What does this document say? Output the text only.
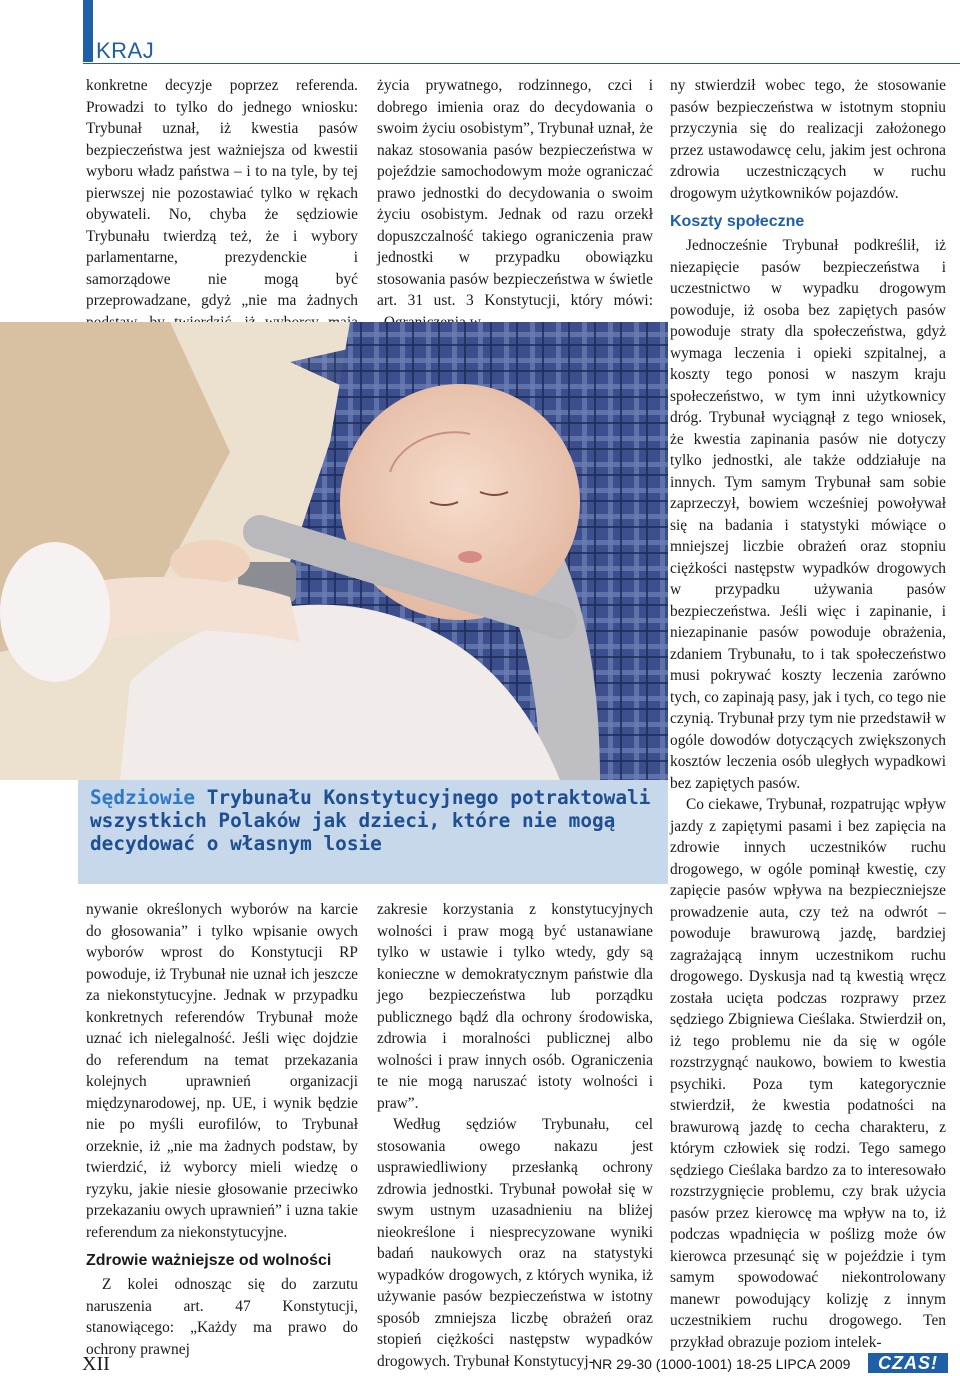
KRAJ

konkretne decyzje poprzez referenda. Prowadzi to tylko do jednego wniosku: Trybunał uznał, iż kwestia pasów bezpieczeństwa jest ważniejsza od kwestii wyboru władz państwa – i to na tyle, by tej pierwszej nie pozostawiać tylko w rękach obywateli. No, chyba że sędziowie Trybunału twierdzą też, że i wybory parlamentarne, prezydenckie i samorządowe nie mogą być przeprowadzane, gdyż „nie ma żadnych

życia prywatnego, rodzinnego, czci i dobrego imienia oraz do decydowania o swoim życiu osobistym”, Trybunał uznał, że nakaz stosowania pasów bezpieczeństwa w pojeździe samochodowym może ograniczać prawo jednostki do decydowania o swoim życiu osobistym. Jednak od razu orzekł dopuszczalność takiego ograniczenia praw jednostki w przypadku obowiązku stosowania pasów bezpieczeństwa w świetle art. 31 ust. 3 Konstytucji, który mówi:

Sędziowie Trybunału Konstytucyjnego potraktowali wszystkich Polaków jak dzieci, które nie mogą decydować o własnym losie

nywanie określonych wyborów na karcie do głosowania” i tylko wpisanie owych wyborów wprost do Konstytucji RP powoduje, iż Trybunał nie uznał ich jeszcze za niekonstytucyjne. Jednak w przypadku konkretnych referendów Trybunał może uznać ich nielegalność. Jeśli więc dojdzie do referendum na temat przekazania kolejnych uprawnień organizacji międzynarodowej, np. UE, i wynik będzie nie po myśli eurofilów, to Trybunał orzeknie, iż „nie ma żadnych podstaw, by twierdzić, iż wyborcy mieli wiedzę o ryzyku, jakie niesie głosowanie przeciwko przekazaniu owych uprawnień” i uzna takie referendum za niekonstytucyjne.

Zdrowie ważniejsze od wolności

Z kolei odnosząc się do zarzutu naruszenia art. 47 Konstytucji, stanowiącego: „Każdy ma prawo do ochrony prawnej

zakresie korzystania z konstytucyjnych wolności i praw mogą być ustanawiane tylko w ustawie i tylko wtedy, gdy są konieczne w demokratycznym państwie dla jego bezpieczeństwa lub porządku publicznego bądź dla ochrony środowiska, zdrowia i moralności publicznej albo wolności i praw innych osób. Ograniczenia te nie mogą naruszać istoty wolności i praw”.

Według sędziów Trybunału, cel stosowania owego nakazu jest usprawiedliwiony przesłanką ochrony zdrowia jednostki. Trybunał powołał się w swym ustnym uzasadnieniu na bliżej nieokreślone i niesprecyzowane wyniki badań naukowych oraz na statystyki wypadków drogowych, z których wynika, iż używanie pasów bezpieczeństwa w istotny sposób zmniejsza liczbę obrażeń oraz stopień ciężkości następstw wypadków drogowych. Trybunał Konstytucyj-

ny stwierdził wobec tego, że stosowanie pasów bezpieczeństwa w istotnym stopniu przyczynia się do realizacji założonego przez ustawodawcę celu, jakim jest ochrona zdrowia uczestniczących w ruchu drogowym użytkowników pojazdów.

Koszty społeczne

Jednocześnie Trybunał podkreślił, iż niezapięcie pasów bezpieczeństwa i uczestnictwo w wypadku drogowym powoduje, iż osoba bez zapiętych pasów powoduje straty dla społeczeństwa, gdyż wymaga leczenia i opieki szpitalnej, a koszty tego ponosi w naszym kraju społeczeństwo, w tym inni użytkownicy dróg. Trybunał wyciągnął z tego wniosek, że kwestia zapinania pasów nie dotyczy tylko jednostki, ale także oddziałuje na innych. Tym samym Trybunał sam sobie zaprzeczył, bowiem wcześniej powoływał się na badania i statystyki mówiące o mniejszej liczbie obrażeń oraz stopniu ciężkości następstw wypadków drogowych w przypadku używania pasów bezpieczeństwa. Jeśli więc i zapinanie, i niezapinanie pasów powoduje obrażenia, zdaniem Trybunału, to i tak społeczeństwo musi pokrywać koszty leczenia zarówno tych, co zapinają pasy, jak i tych, co tego nie czynią. Trybunał przy tym nie przedstawił w ogóle dowodów dotyczących zwiększonych kosztów leczenia osób uległych wypadkowi bez zapiętych pasów.

Co ciekawe, Trybunał, rozpatrując wpływ jazdy z zapiętymi pasami i bez zapięcia na zdrowie innych uczestników ruchu drogowego, w ogóle pominął kwestię, czy zapięcie pasów wpływa na bezpieczniejsze prowadzenie auta, czy też na odwrót – powoduje brawurową jazdę, bardziej zagrażającą innym uczestnikom ruchu drogowego. Dyskusja nad tą kwestią wręcz została ucięta podczas rozprawy przez sędziego Zbigniewa Cieślaka. Stwierdził on, iż tego problemu nie da się w ogóle rozstrzygnąć naukowo, bowiem to kwestia psychiki. Poza tym kategorycznie stwierdził, że kwestia podatności na brawurową jazdę to cecha charakteru, z którym człowiek się rodzi. Tego samego sędziego Cieślaka bardzo za to interesowało rozstrzygnięcie problemu, czy brak użycia pasów przez kierowcę ma wpływ na to, iż podczas wpadnięcia w poślizg może ów kierowca przesunąć się w pojeździe i tym samym spowodować niekontrolowany manewr powodujący kolizję z innym uczestnikiem ruchu drogowego. Ten przykład obrazuje poziom intelek-

XII	NR 29-30 (1000-1001) 18-25 LIPCA 2009	CZAS!
